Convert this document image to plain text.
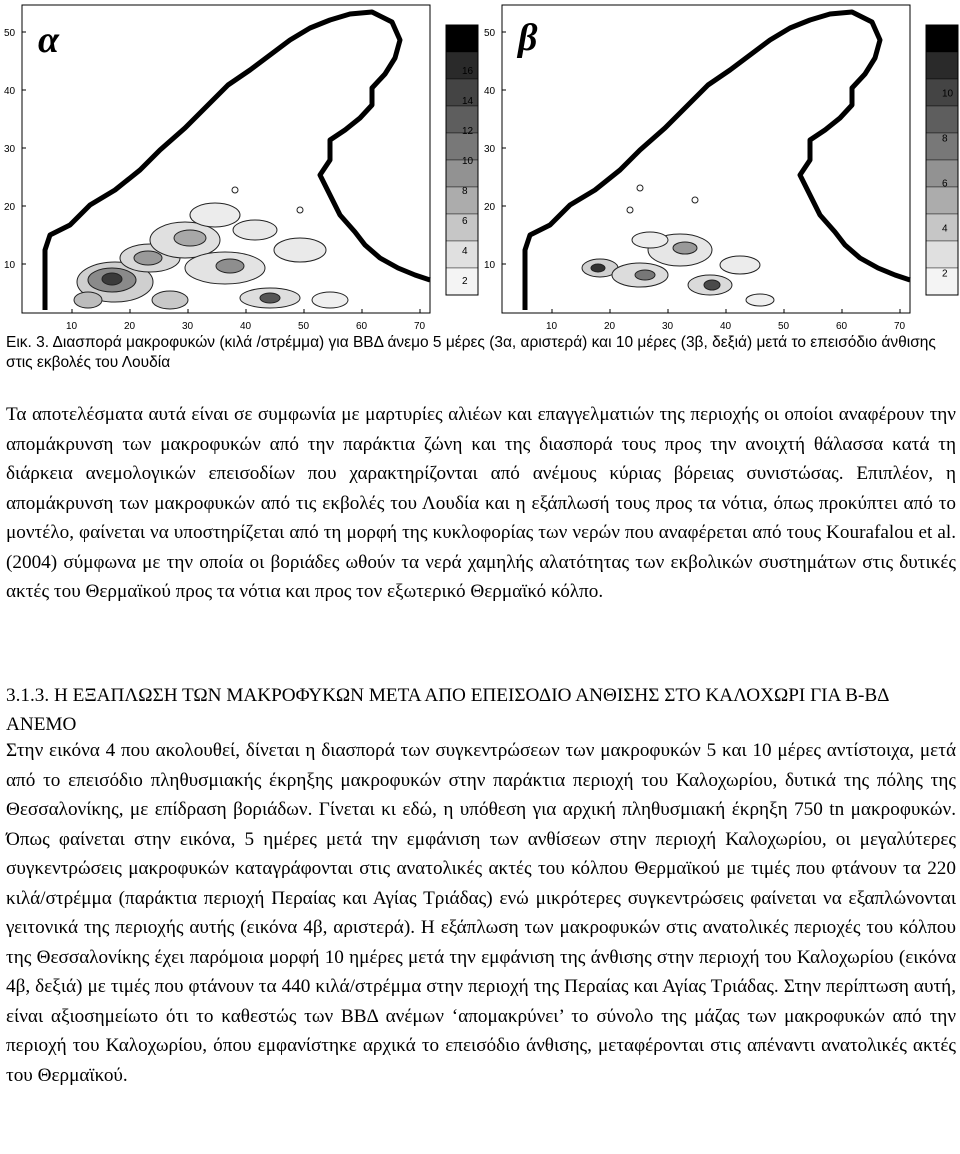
50
40
30
20
10
10	20	30	40	50	60	70
α	18
16
14
12
10
8
6
4
2
50
40
30
20
10
10	20	30	40	50	60	70
β	12
10
8
6
4
2
Εικ. 3. Διασπορά μακροφυκών (κιλά /στρέμμα) για ΒΒΔ άνεμο 5 μέρες (3α, αριστερά) και 10 μέρες (3β, δεξιά) μετά το επεισόδιο άνθισης στις εκβολές του Λουδία
Τα αποτελέσματα αυτά είναι σε συμφωνία με μαρτυρίες αλιέων και επαγγελματιών της περιοχής οι οποίοι αναφέρουν την απομάκρυνση των μακροφυκών από την παράκτια ζώνη και της διασπορά τους προς την ανοιχτή θάλασσα κατά τη διάρκεια ανεμολογικών επεισοδίων που χαρακτηρίζονται από ανέμους κύριας βόρειας συνιστώσας. Επιπλέον, η απομάκρυνση των μακροφυκών από τις εκβολές του Λουδία και η εξάπλωσή τους προς τα νότια, όπως προκύπτει από το μοντέλο, φαίνεται να υποστηρίζεται από τη μορφή της κυκλοφορίας των νερών που αναφέρεται από τους Kourafalou et al. (2004) σύμφωνα με την οποία οι βοριάδες ωθούν τα νερά χαμηλής αλατότητας των εκβολικών συστημάτων στις δυτικές ακτές του Θερμαϊκού προς τα νότια και προς τον εξωτερικό Θερμαϊκό κόλπο.
3.1.3. Η ΕΞΑΠΛΩΣΗ ΤΩΝ ΜΑΚΡΟΦΥΚΩΝ ΜΕΤΑ ΑΠΟ ΕΠΕΙΣΟΔΙΟ ΑΝΘΙΣΗΣ ΣΤΟ ΚΑΛΟΧΩΡΙ ΓΙΑ Β-ΒΔ ΑΝΕΜΟ
Στην εικόνα 4 που ακολουθεί, δίνεται η διασπορά των συγκεντρώσεων των μακροφυκών 5 και 10 μέρες αντίστοιχα, μετά από το επεισόδιο πληθυσμιακής έκρηξης μακροφυκών στην παράκτια περιοχή του Καλοχωρίου, δυτικά της πόλης της Θεσσαλονίκης, με επίδραση βοριάδων. Γίνεται κι εδώ, η υπόθεση για αρχική πληθυσμιακή έκρηξη 750 tn μακροφυκών. Όπως φαίνεται στην εικόνα, 5 ημέρες μετά την εμφάνιση των ανθίσεων στην περιοχή Καλοχωρίου, οι μεγαλύτερες συγκεντρώσεις μακροφυκών καταγράφονται στις ανατολικές ακτές του κόλπου Θερμαϊκού με τιμές που φτάνουν τα 220 κιλά/στρέμμα (παράκτια περιοχή Περαίας και Αγίας Τριάδας) ενώ μικρότερες συγκεντρώσεις φαίνεται να εξαπλώνονται γειτονικά της περιοχής αυτής (εικόνα 4β, αριστερά). Η εξάπλωση των μακροφυκών στις ανατολικές περιοχές του κόλπου της Θεσσαλονίκης έχει παρόμοια μορφή 10 ημέρες μετά την εμφάνιση της άνθισης στην περιοχή του Καλοχωρίου (εικόνα 4β, δεξιά) με τιμές που φτάνουν τα 440 κιλά/στρέμμα στην περιοχή της Περαίας και Αγίας Τριάδας. Στην περίπτωση αυτή, είναι αξιοσημείωτο ότι το καθεστώς των ΒΒΔ ανέμων ‘απομακρύνει’ το σύνολο της μάζας των μακροφυκών από την περιοχή του Καλοχωρίου, όπου εμφανίστηκε αρχικά το επεισόδιο άνθισης, μεταφέρονται στις απέναντι ανατολικές ακτές του Θερμαϊκού.
